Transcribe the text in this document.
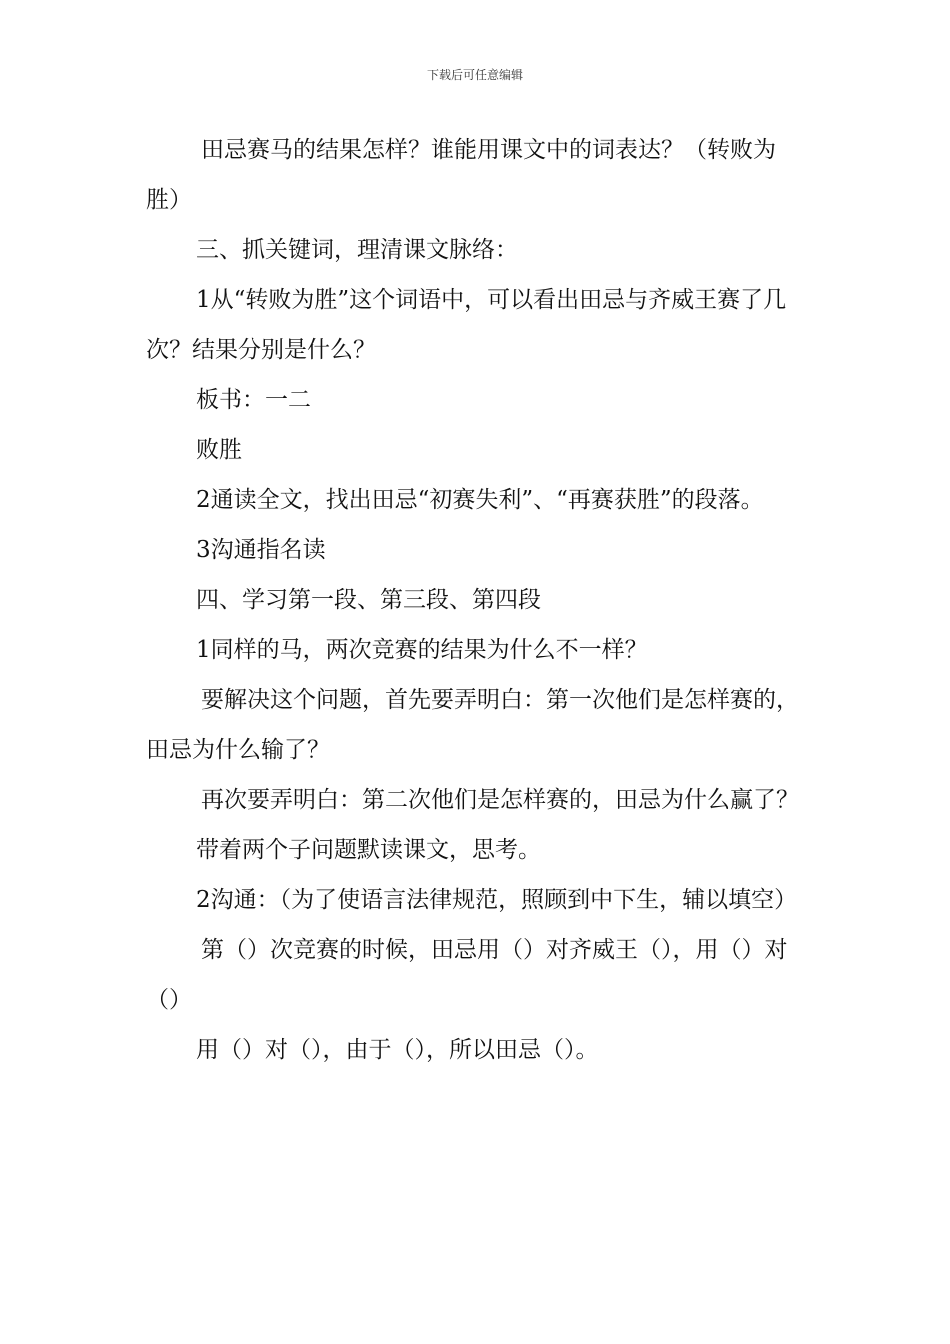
下载后可任意编辑

田忌赛马的结果怎样？谁能用课文中的词表达？（转败为胜）

三、抓关键词，理清课文脉络：

1从“转败为胜”这个词语中，可以看出田忌与齐威王赛了几次？结果分别是什么？

板书：一二

败胜

2通读全文，找出田忌“初赛失利”、“再赛获胜”的段落。

3沟通指名读

四、学习第一段、第三段、第四段

1同样的马，两次竞赛的结果为什么不一样？

要解决这个问题，首先要弄明白：第一次他们是怎样赛的，田忌为什么输了？

再次要弄明白：第二次他们是怎样赛的，田忌为什么赢了？

带着两个子问题默读课文，思考。

2沟通：（为了使语言法律规范，照顾到中下生，辅以填空）

第（）次竞赛的时候，田忌用（）对齐威王（），用（）对（）

用（）对（），由于（），所以田忌（）。
